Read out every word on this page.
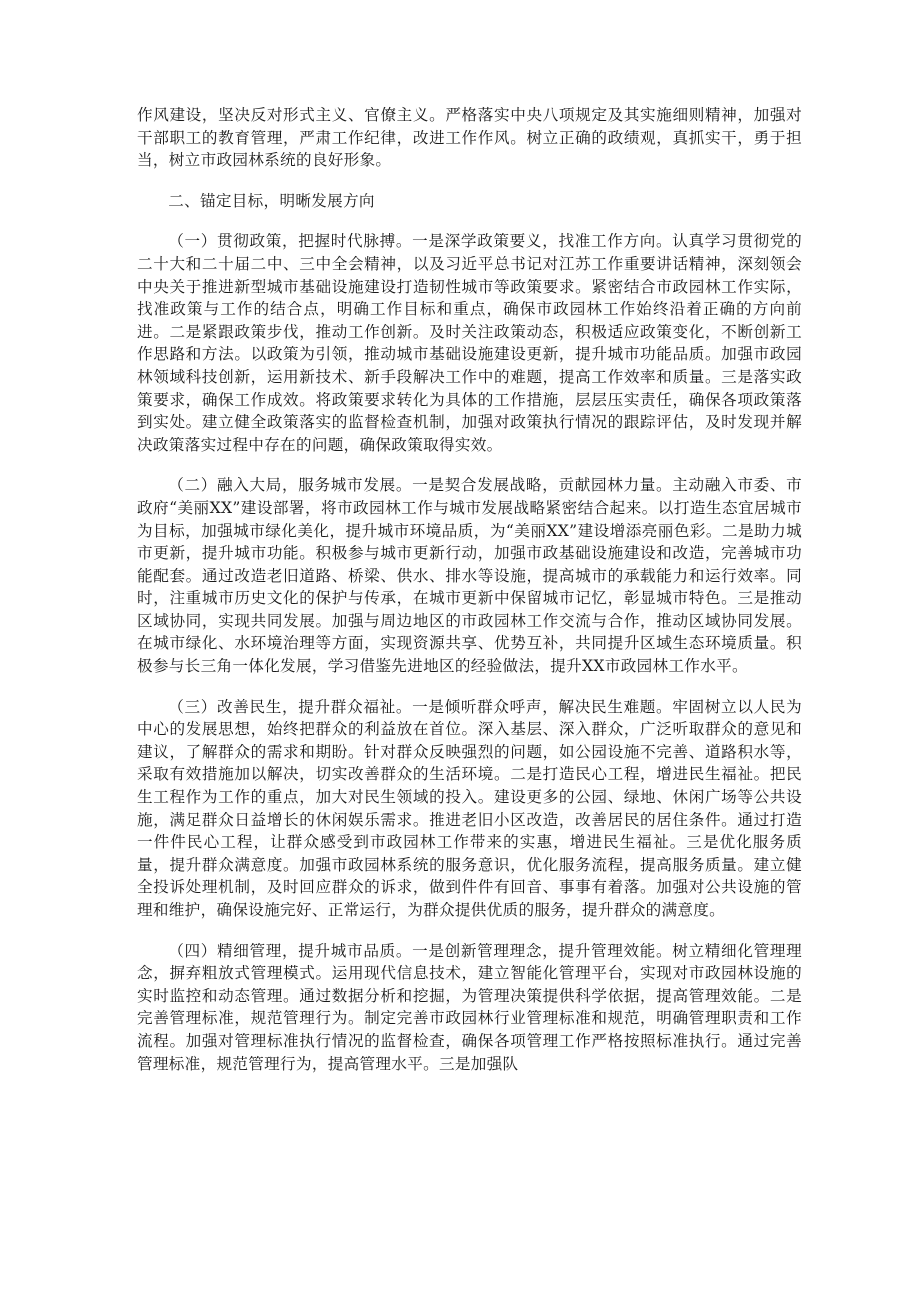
作风建设，坚决反对形式主义、官僚主义。严格落实中央八项规定及其实施细则精神，加强对干部职工的教育管理，严肃工作纪律，改进工作作风。树立正确的政绩观，真抓实干，勇于担当，树立市政园林系统的良好形象。

二、锚定目标，明晰发展方向

（一）贯彻政策，把握时代脉搏。一是深学政策要义，找准工作方向。认真学习贯彻党的二十大和二十届二中、三中全会精神，以及习近平总书记对江苏工作重要讲话精神，深刻领会中央关于推进新型城市基础设施建设打造韧性城市等政策要求。紧密结合市政园林工作实际，找准政策与工作的结合点，明确工作目标和重点，确保市政园林工作始终沿着正确的方向前进。二是紧跟政策步伐，推动工作创新。及时关注政策动态，积极适应政策变化，不断创新工作思路和方法。以政策为引领，推动城市基础设施建设更新，提升城市功能品质。加强市政园林领域科技创新，运用新技术、新手段解决工作中的难题，提高工作效率和质量。三是落实政策要求，确保工作成效。将政策要求转化为具体的工作措施，层层压实责任，确保各项政策落到实处。建立健全政策落实的监督检查机制，加强对政策执行情况的跟踪评估，及时发现并解决政策落实过程中存在的问题，确保政策取得实效。

（二）融入大局，服务城市发展。一是契合发展战略，贡献园林力量。主动融入市委、市政府“美丽XX”建设部署，将市政园林工作与城市发展战略紧密结合起来。以打造生态宜居城市为目标，加强城市绿化美化，提升城市环境品质，为“美丽XX”建设增添亮丽色彩。二是助力城市更新，提升城市功能。积极参与城市更新行动，加强市政基础设施建设和改造，完善城市功能配套。通过改造老旧道路、桥梁、供水、排水等设施，提高城市的承载能力和运行效率。同时，注重城市历史文化的保护与传承，在城市更新中保留城市记忆，彰显城市特色。三是推动区域协同，实现共同发展。加强与周边地区的市政园林工作交流与合作，推动区域协同发展。在城市绿化、水环境治理等方面，实现资源共享、优势互补，共同提升区域生态环境质量。积极参与长三角一体化发展，学习借鉴先进地区的经验做法，提升XX市政园林工作水平。

（三）改善民生，提升群众福祉。一是倾听群众呼声，解决民生难题。牢固树立以人民为中心的发展思想，始终把群众的利益放在首位。深入基层、深入群众，广泛听取群众的意见和建议，了解群众的需求和期盼。针对群众反映强烈的问题，如公园设施不完善、道路积水等，采取有效措施加以解决，切实改善群众的生活环境。二是打造民心工程，增进民生福祉。把民生工程作为工作的重点，加大对民生领域的投入。建设更多的公园、绿地、休闲广场等公共设施，满足群众日益增长的休闲娱乐需求。推进老旧小区改造，改善居民的居住条件。通过打造一件件民心工程，让群众感受到市政园林工作带来的实惠，增进民生福祉。三是优化服务质量，提升群众满意度。加强市政园林系统的服务意识，优化服务流程，提高服务质量。建立健全投诉处理机制，及时回应群众的诉求，做到件件有回音、事事有着落。加强对公共设施的管理和维护，确保设施完好、正常运行，为群众提供优质的服务，提升群众的满意度。

（四）精细管理，提升城市品质。一是创新管理理念，提升管理效能。树立精细化管理理念，摒弃粗放式管理模式。运用现代信息技术，建立智能化管理平台，实现对市政园林设施的实时监控和动态管理。通过数据分析和挖掘，为管理决策提供科学依据，提高管理效能。二是完善管理标准，规范管理行为。制定完善市政园林行业管理标准和规范，明确管理职责和工作流程。加强对管理标准执行情况的监督检查，确保各项管理工作严格按照标准执行。通过完善管理标准，规范管理行为，提高管理水平。三是加强队
